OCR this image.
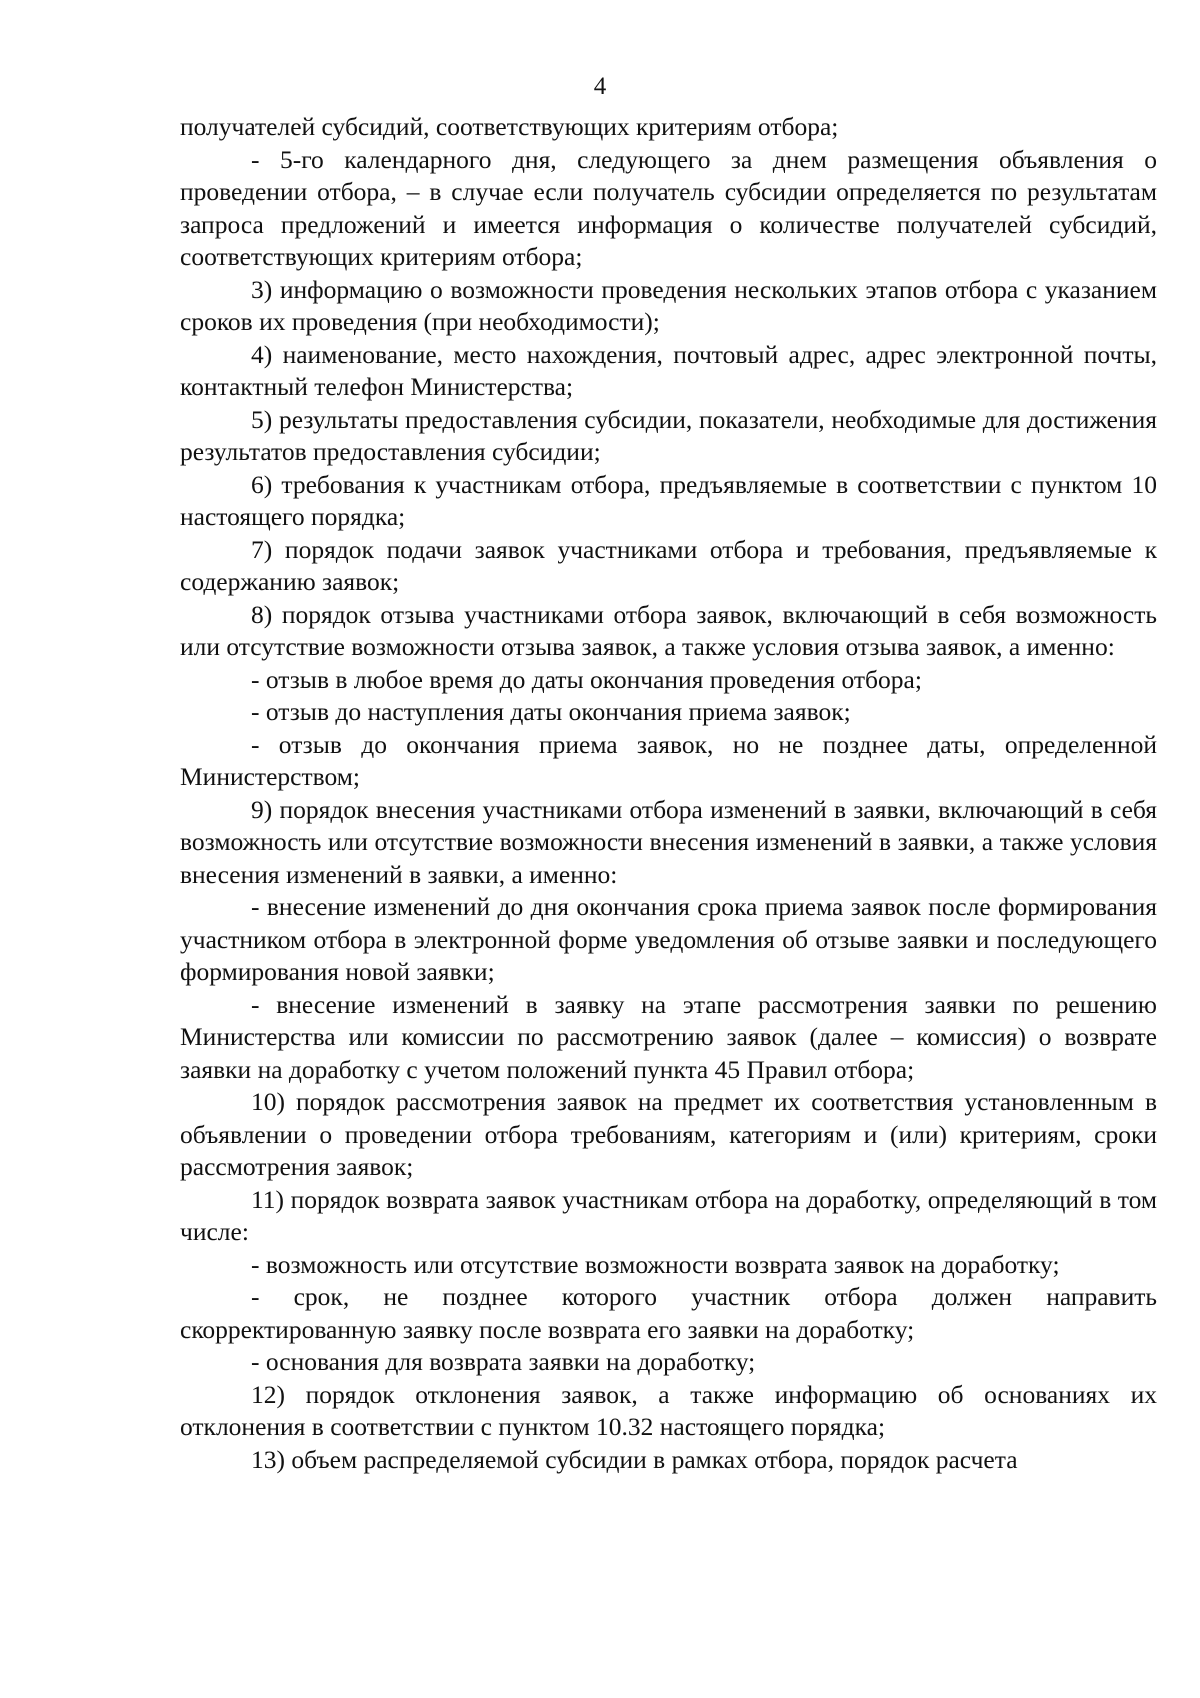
4

получателей субсидий, соответствующих критериям отбора;

- 5-го календарного дня, следующего за днем размещения объявления о проведении отбора, – в случае если получатель субсидии определяется по результатам запроса предложений и имеется информация о количестве получателей субсидий, соответствующих критериям отбора;

3) информацию о возможности проведения нескольких этапов отбора с указанием сроков их проведения (при необходимости);

4) наименование, место нахождения, почтовый адрес, адрес электронной почты, контактный телефон Министерства;

5) результаты предоставления субсидии, показатели, необходимые для достижения результатов предоставления субсидии;

6) требования к участникам отбора, предъявляемые в соответствии с пунктом 10 настоящего порядка;

7) порядок подачи заявок участниками отбора и требования, предъявляемые к содержанию заявок;

8) порядок отзыва участниками отбора заявок, включающий в себя возможность или отсутствие возможности отзыва заявок, а также условия отзыва заявок, а именно:

- отзыв в любое время до даты окончания проведения отбора;

- отзыв до наступления даты окончания приема заявок;

- отзыв до окончания приема заявок, но не позднее даты, определенной Министерством;

9) порядок внесения участниками отбора изменений в заявки, включающий в себя возможность или отсутствие возможности внесения изменений в заявки, а также условия внесения изменений в заявки, а именно:

- внесение изменений до дня окончания срока приема заявок после формирования участником отбора в электронной форме уведомления об отзыве заявки и последующего формирования новой заявки;

- внесение изменений в заявку на этапе рассмотрения заявки по решению Министерства или комиссии по рассмотрению заявок (далее – комиссия) о возврате заявки на доработку с учетом положений пункта 45 Правил отбора;

10) порядок рассмотрения заявок на предмет их соответствия установленным в объявлении о проведении отбора требованиям, категориям и (или) критериям, сроки рассмотрения заявок;

11) порядок возврата заявок участникам отбора на доработку, определяющий в том числе:

- возможность или отсутствие возможности возврата заявок на доработку;

- срок, не позднее которого участник отбора должен направить скорректированную заявку после возврата его заявки на доработку;

- основания для возврата заявки на доработку;

12) порядок отклонения заявок, а также информацию об основаниях их отклонения в соответствии с пунктом 10.32 настоящего порядка;

13) объем распределяемой субсидии в рамках отбора, порядок расчета
